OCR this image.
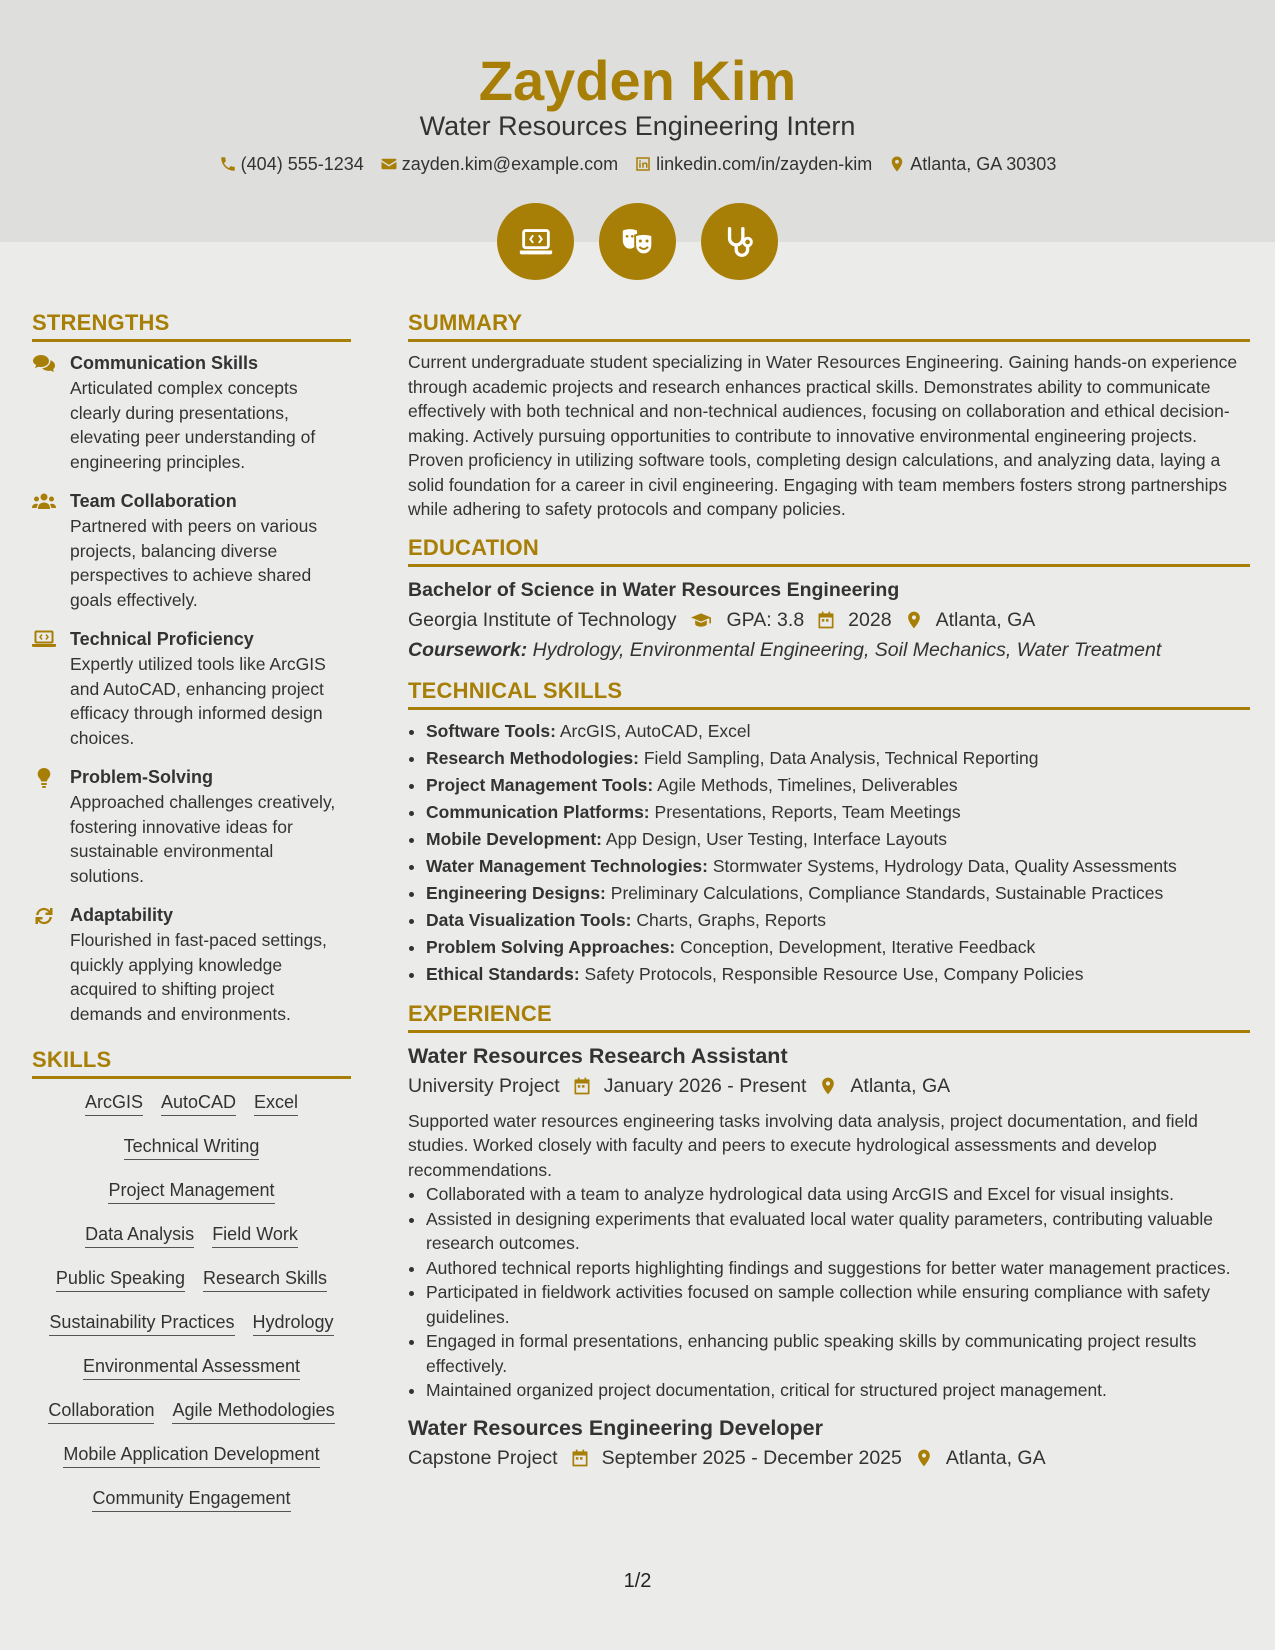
Zayden Kim
Water Resources Engineering Intern
(404) 555-1234 zayden.kim@example.com linkedin.com/in/zayden-kim Atlanta, GA 30303
STRENGTHS
Communication Skills
Articulated complex concepts clearly during presentations, elevating peer understanding of engineering principles.
Team Collaboration
Partnered with peers on various projects, balancing diverse perspectives to achieve shared goals effectively.
Technical Proficiency
Expertly utilized tools like ArcGIS and AutoCAD, enhancing project efficacy through informed design choices.
Problem-Solving
Approached challenges creatively, fostering innovative ideas for sustainable environmental solutions.
Adaptability
Flourished in fast-paced settings, quickly applying knowledge acquired to shifting project demands and environments.
SKILLS
ArcGIS AutoCAD Excel
Technical Writing
Project Management
Data Analysis Field Work
Public Speaking Research Skills
Sustainability Practices Hydrology
Environmental Assessment
Collaboration Agile Methodologies
Mobile Application Development
Community Engagement
SUMMARY
Current undergraduate student specializing in Water Resources Engineering. Gaining hands-on experience through academic projects and research enhances practical skills. Demonstrates ability to communicate effectively with both technical and non-technical audiences, focusing on collaboration and ethical decision-making. Actively pursuing opportunities to contribute to innovative environmental engineering projects. Proven proficiency in utilizing software tools, completing design calculations, and analyzing data, laying a solid foundation for a career in civil engineering. Engaging with team members fosters strong partnerships while adhering to safety protocols and company policies.
EDUCATION
Bachelor of Science in Water Resources Engineering
Georgia Institute of Technology	GPA: 3.8 2028 Atlanta, GA
Coursework: Hydrology, Environmental Engineering, Soil Mechanics, Water Treatment
TECHNICAL SKILLS
• Software Tools: ArcGIS, AutoCAD, Excel
• Research Methodologies: Field Sampling, Data Analysis, Technical Reporting
• Project Management Tools: Agile Methods, Timelines, Deliverables
• Communication Platforms: Presentations, Reports, Team Meetings
• Mobile Development: App Design, User Testing, Interface Layouts
• Water Management Technologies: Stormwater Systems, Hydrology Data, Quality Assessments
• Engineering Designs: Preliminary Calculations, Compliance Standards, Sustainable Practices
• Data Visualization Tools: Charts, Graphs, Reports
• Problem Solving Approaches: Conception, Development, Iterative Feedback
• Ethical Standards: Safety Protocols, Responsible Resource Use, Company Policies
EXPERIENCE
Water Resources Research Assistant
University Project January 2026 - Present Atlanta, GA
Supported water resources engineering tasks involving data analysis, project documentation, and field studies. Worked closely with faculty and peers to execute hydrological assessments and develop recommendations.
• Collaborated with a team to analyze hydrological data using ArcGIS and Excel for visual insights.
• Assisted in designing experiments that evaluated local water quality parameters, contributing valuable research outcomes.
• Authored technical reports highlighting findings and suggestions for better water management practices.
• Participated in fieldwork activities focused on sample collection while ensuring compliance with safety guidelines.
• Engaged in formal presentations, enhancing public speaking skills by communicating project results effectively.
• Maintained organized project documentation, critical for structured project management.
Water Resources Engineering Developer
Capstone Project September 2025 - December 2025 Atlanta, GA
1/2
